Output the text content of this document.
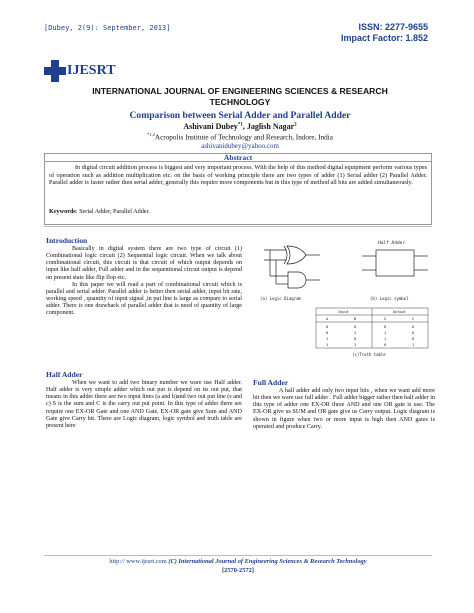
[Dubey, 2(9): September, 2013]	ISSN: 2277-9655
Impact Factor: 1.852
IJESRT
INTERNATIONAL JOURNAL OF ENGINEERING SCIENCES & RESEARCH
TECHNOLOGY
Comparison between Serial Adder and Parallel Adder
Ashivani Dubey$^{*1}$, Jaglish Nagar$^2$
$^{*1,2}$Acropolis Institute of Technology and Research, Indore, India
ashivanidubey@yahoo.com
Abstract
In digital circuit addition process is biggest and very important process. With the help of this method digital equipment perform various types of operation such as addition multiplication etc. on the basis of working principle there are two types of adder (1) Serial adder (2) Parallel Adder. Parallel adder is faster rather then serial adder, generally this require more components but in this type of method all bits are added simultaneously.
Keywords: Serial Adder, Parallel Adder.
Introduction

Basically in digital system there are two type of circuit (1) Combinational logic circuit (2) Sequential logic circuit. When we talk about combinational circuit, this circuit is that circuit of which output depends on input like half adder, Full adder and in the sequentional circuit output is depend on present state like flip flop etc.

In this paper we will read a part of combinational circuit which is parallel and serial adder. Parallel adder is better then serial adder, input bit rate, working speed , quantity of input signal ,in put line is large as compare to serial adder. There is one drawback of parallel adder that is need of quantity of large component.

Half Adder

When we want to add two binary number we ware use Half adder. Half adder is very simple adder which out put is depend on its out put, that means in this adder there are two input lines (a and b)and two out put line (s and c) S is the sum and C is the carry out put point. In this type of adder there are require one EX-OR Gate and one AND Gate, EX-OR gate give Sum and AND Gate give Carry bit. There are Logic diagram, logic symbol and truth table are present here

Full Adder

A half adder add only two input bits , when we want add more bit then we ware use full adder . Full adder bigger rather then half adder in this type of adder one EX-OR three AND and one OR gate is use. The EX-OR give us SUM and OR gate give us Carry output. Logic diagram is shown in figure when two or more input is high then AND gates is operated and produce Carry.

Half Adder
(a) Logic Diagram	(b) Logic symbol
Input	Output
A	B	S	C
0	0	0	0
0	1	1	0
1	0	1	0
1	1	0	1
(c)Truth table
http:// www.ijesrt.com (C) International Journal of Engineering Sciences & Research Technology
[2570-2572]
